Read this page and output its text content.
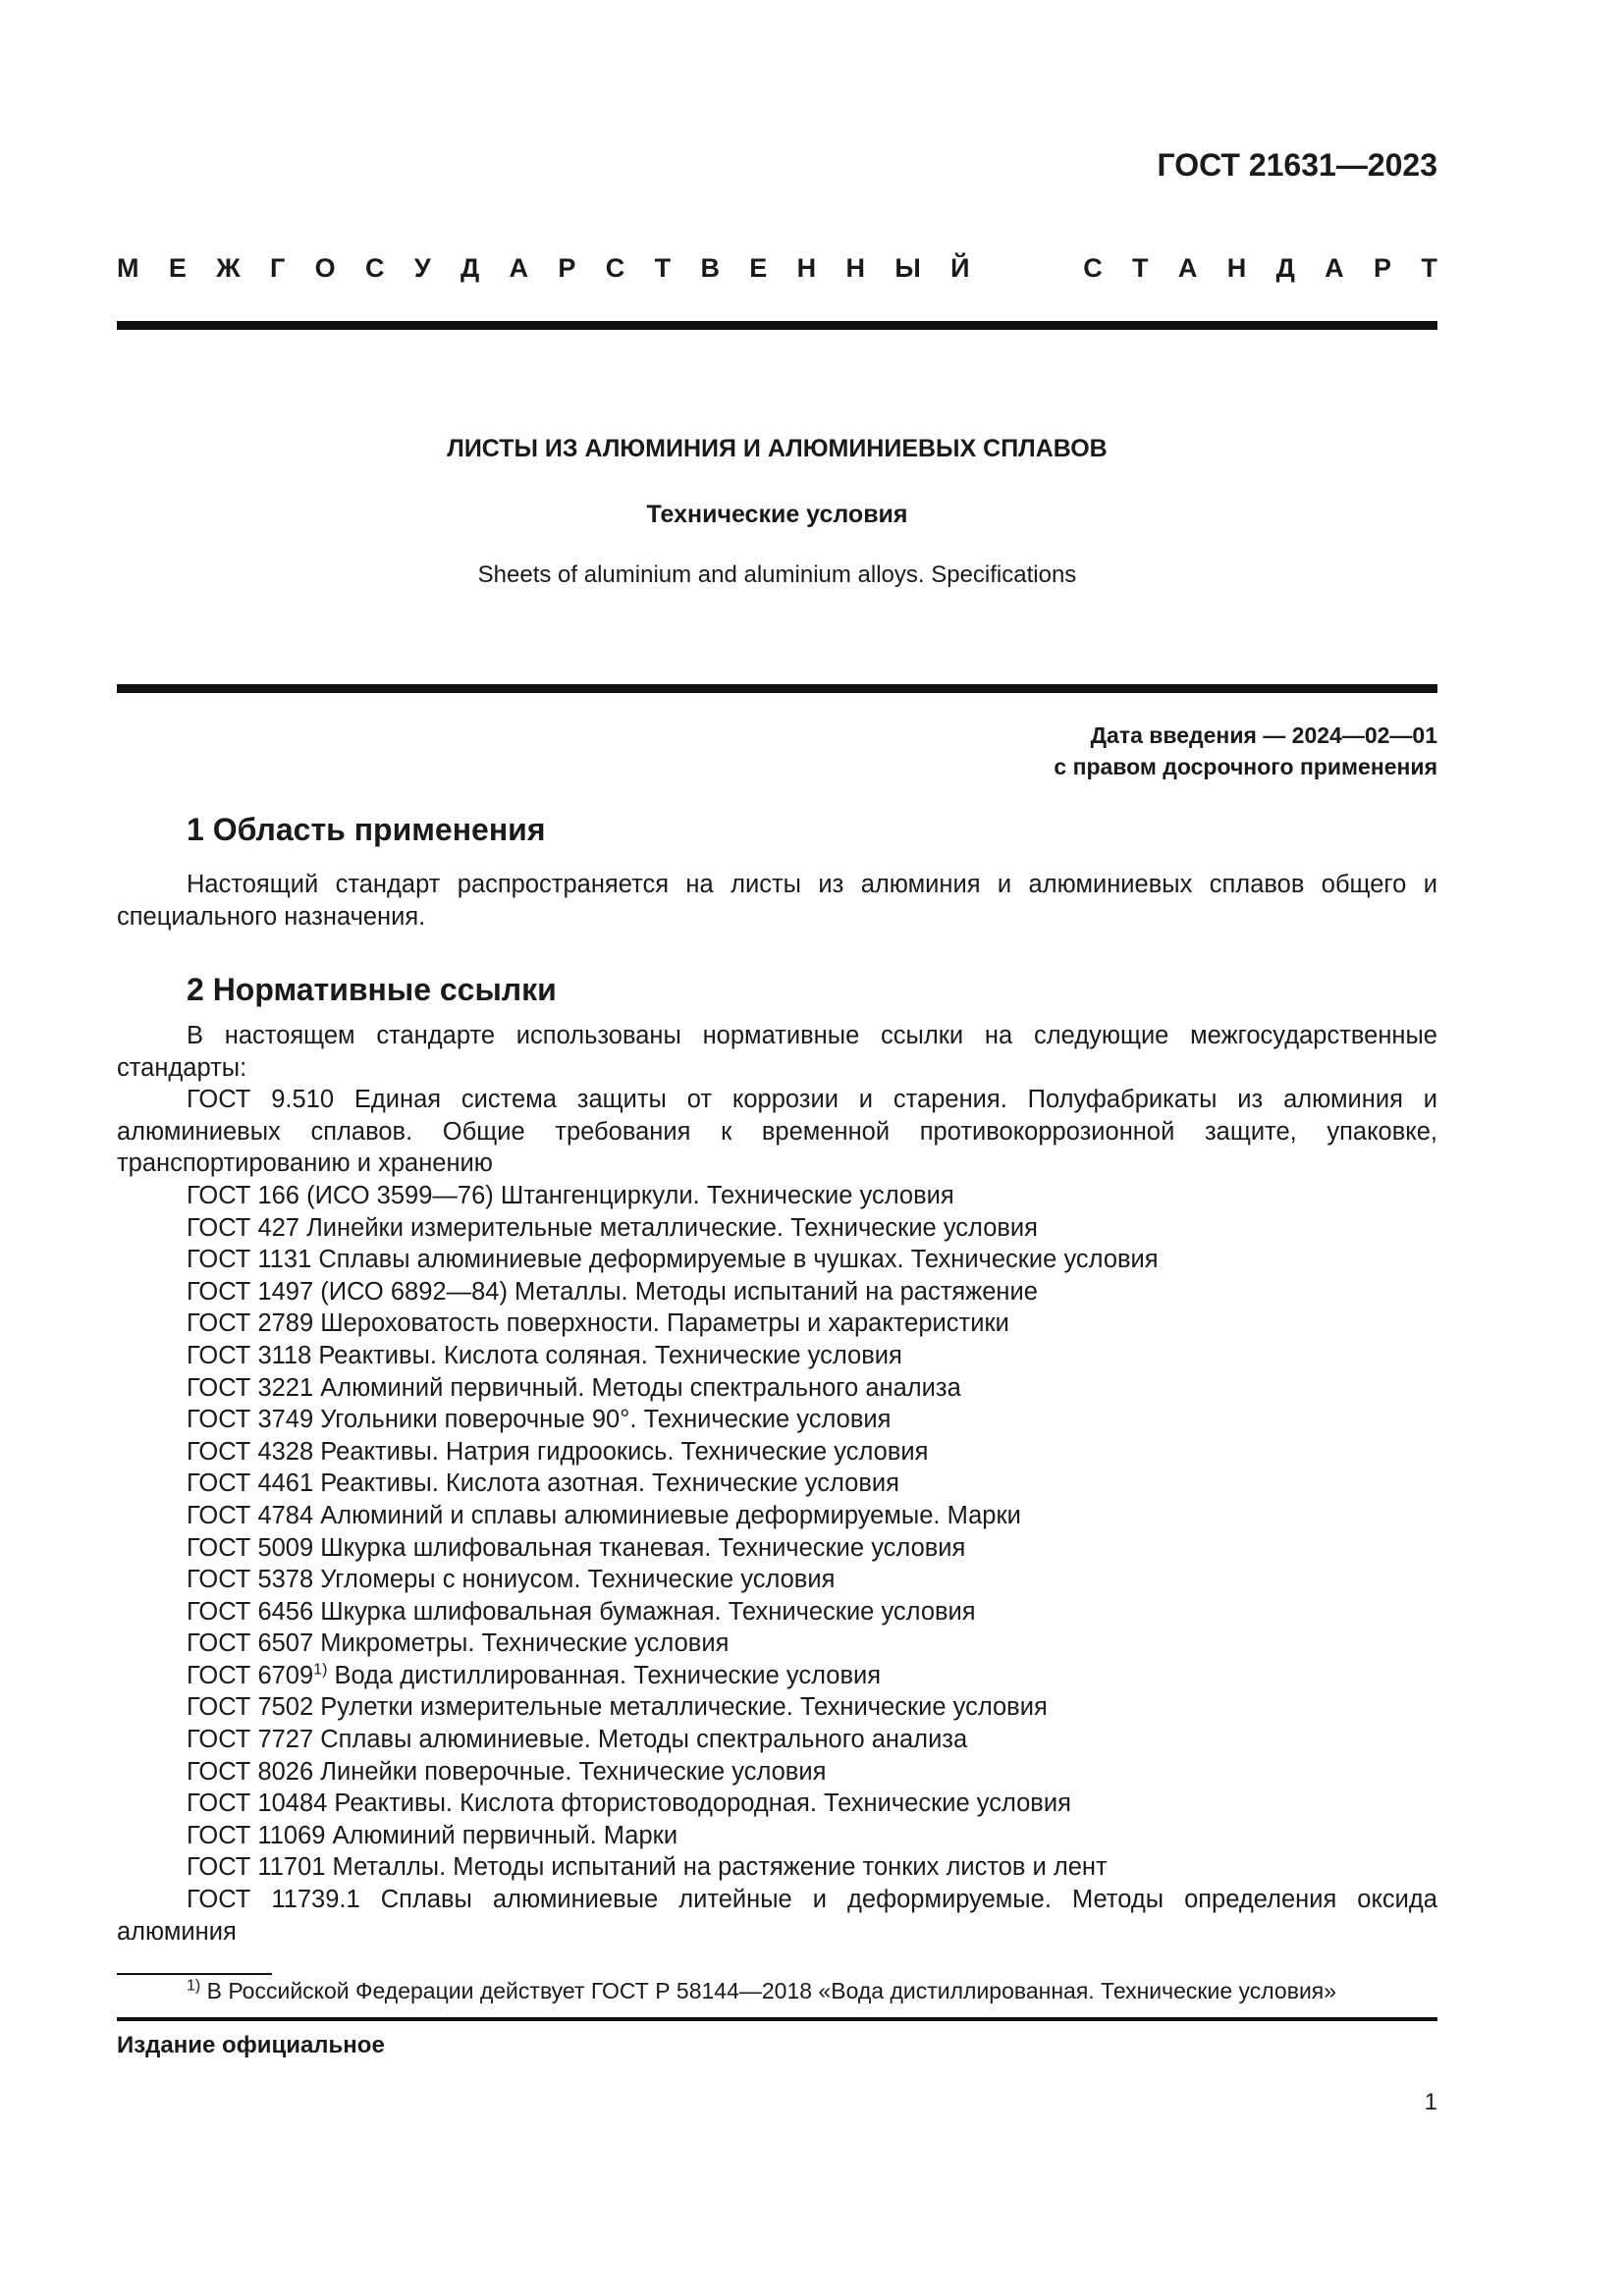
ГОСТ 21631—2023
М Е Ж Г О С У Д А Р С Т В Е Н Н Ы Й	С Т А Н Д А Р Т
ЛИСТЫ ИЗ АЛЮМИНИЯ И АЛЮМИНИЕВЫХ СПЛАВОВ
Технические условия
Sheets of aluminium and aluminium alloys. Specifications
Дата введения — 2024—02—01
с правом досрочного применения
1 Область применения

Настоящий стандарт распространяется на листы из алюминия и алюминиевых сплавов общего и специального назначения.

2 Нормативные ссылки

В настоящем стандарте использованы нормативные ссылки на следующие межгосударственные стандарты:

ГОСТ 9.510 Единая система защиты от коррозии и старения. Полуфабрикаты из алюминия и алюминиевых сплавов. Общие требования к временной противокоррозионной защите, упаковке, транспортированию и хранению

ГОСТ 166 (ИСО 3599—76) Штангенциркули. Технические условия
ГОСТ 427 Линейки измерительные металлические. Технические условия
ГОСТ 1131 Сплавы алюминиевые деформируемые в чушках. Технические условия
ГОСТ 1497 (ИСО 6892—84) Металлы. Методы испытаний на растяжение
ГОСТ 2789 Шероховатость поверхности. Параметры и характеристики
ГОСТ 3118 Реактивы. Кислота соляная. Технические условия
ГОСТ 3221 Алюминий первичный. Методы спектрального анализа
ГОСТ 3749 Угольники поверочные 90°. Технические условия
ГОСТ 4328 Реактивы. Натрия гидроокись. Технические условия
ГОСТ 4461 Реактивы. Кислота азотная. Технические условия
ГОСТ 4784 Алюминий и сплавы алюминиевые деформируемые. Марки
ГОСТ 5009 Шкурка шлифовальная тканевая. Технические условия
ГОСТ 5378 Угломеры с нониусом. Технические условия
ГОСТ 6456 Шкурка шлифовальная бумажная. Технические условия
ГОСТ 6507 Микрометры. Технические условия
ГОСТ 6709$^{1)}$ Вода дистиллированная. Технические условия
ГОСТ 7502 Рулетки измерительные металлические. Технические условия
ГОСТ 7727 Сплавы алюминиевые. Методы спектрального анализа
ГОСТ 8026 Линейки поверочные. Технические условия
ГОСТ 10484 Реактивы. Кислота фтористоводородная. Технические условия
ГОСТ 11069 Алюминий первичный. Марки
ГОСТ 11701 Металлы. Методы испытаний на растяжение тонких листов и лент
ГОСТ 11739.1 Сплавы алюминиевые литейные и деформируемые. Методы определения оксида
алюминия
$^{1)}$ В Российской Федерации действует ГОСТ Р 58144—2018 «Вода дистиллированная. Технические условия»
Издание официальное
1
